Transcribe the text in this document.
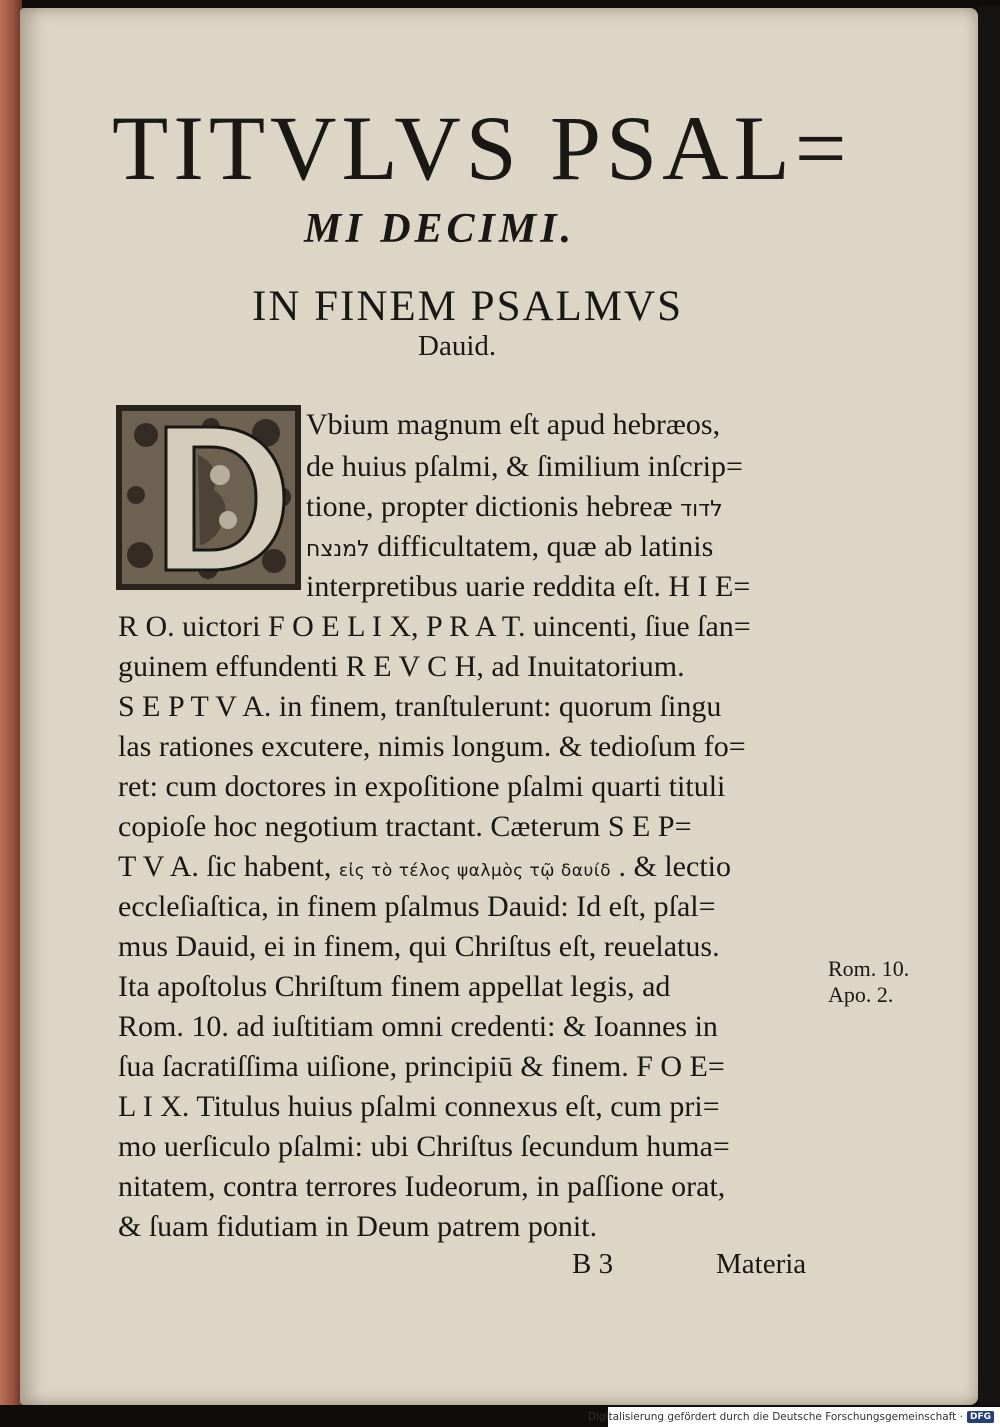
TITVLVS PSAL=
MI DECIMI.
IN FINEM PSALMVS
Dauid.
Vbium magnum eſt apud hebræos,
de huius pſalmi, & ſimilium inſcrip=
tione, propter dictionis hebreæ לדוד
למנצח difficultatem, quæ ab latinis
interpretibus uarie reddita eſt. H I E=
R O. uictori F O E L I X, P R A T. uincenti, ſiue ſan=
guinem effundenti R E V C H, ad Inuitatorium.
S E P T V A. in finem, tranſtulerunt: quorum ſingu
las rationes excutere, nimis longum. & tedioſum fo=
ret: cum doctores in expoſitione pſalmi quarti tituli
copioſe hoc negotium tractant. Cæterum S E P=
T V A. ſic habent, εἰς τὸ τέλος ψαλμὸς τῷ δαυίδ . & lectio
eccleſiaſtica, in finem pſalmus Dauid: Id eſt, pſal=
mus Dauid, ei in finem, qui Chriſtus eſt, reuelatus.
Ita apoſtolus Chriſtum finem appellat legis, ad
Rom. 10. ad iuſtitiam omni credenti: & Ioannes in
ſua ſacratiſſima uiſione, principiū & finem. F O E=
L I X. Titulus huius pſalmi connexus eſt, cum pri=
mo uerſiculo pſalmi: ubi Chriſtus ſecundum huma=
nitatem, contra terrores Iudeorum, in paſſione orat,
& ſuam fidutiam in Deum patrem ponit.
Rom. 10.
Apo. 2.
B 3	Materia
Digitalisierung gefördert durch die Deutsche Forschungsgemeinschaft · DFG
